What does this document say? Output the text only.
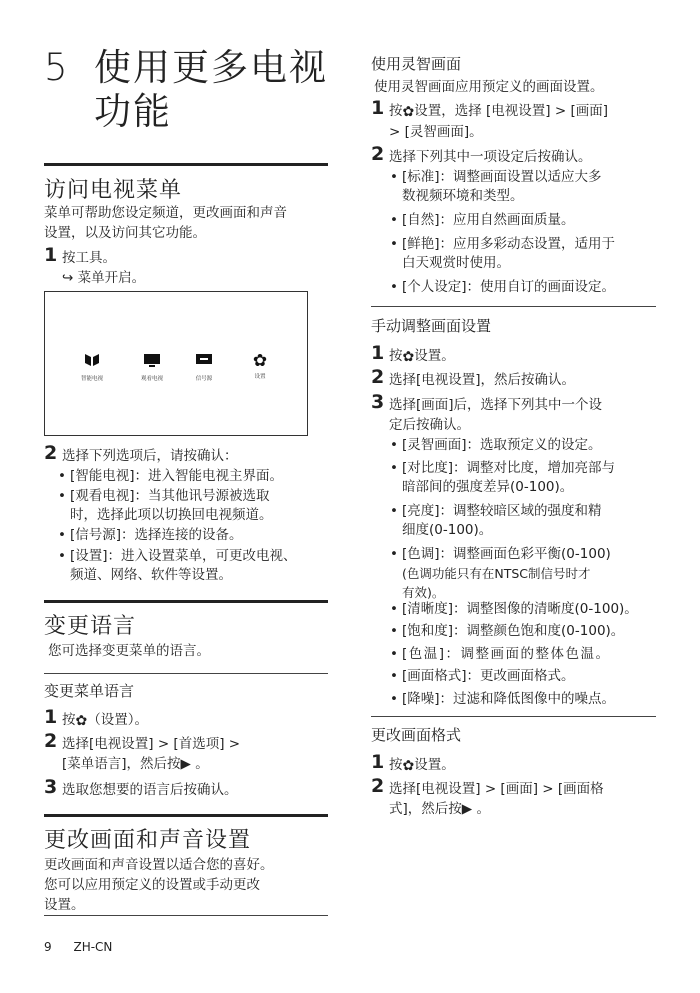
5 使用更多电视
功能
访问电视菜单
菜单可帮助您设定频道，更改画面和声音
设置，以及访问其它功能。
1 按工具。
↪ 菜单开启。
智能电视	观看电视	信号源
✿
设置
2 选择下列选项后，请按确认：
• [智能电视]：进入智能电视主界面。
• [观看电视]：当其他讯号源被选取
时，选择此项以切换回电视频道。
• [信号源]：选择连接的设备。
• [设置]：进入设置菜单，可更改电视、
频道、网络、软件等设置。
变更语言
您可选择变更菜单的语言。
变更菜单语言
1 按✿（设置）。
2 选择[电视设置] > [首选项] >
[菜单语言]，然后按▶ 。
3 选取您想要的语言后按确认。
更改画面和声音设置
更改画面和声音设置以适合您的喜好。
您可以应用预定义的设置或手动更改
设置。
使用灵智画面
使用灵智画面应用预定义的画面设置。
1 按✿设置，选择 [电视设置] > [画面]
> [灵智画面]。
2 选择下列其中一项设定后按确认。
• [标准]：调整画面设置以适应大多
数视频环境和类型。
• [自然]：应用自然画面质量。
• [鲜艳]：应用多彩动态设置，适用于
白天观赏时使用。
• [个人设定]：使用自订的画面设定。
手动调整画面设置
1 按✿设置。
2 选择[电视设置]，然后按确认。
3 选择[画面]后，选择下列其中一个设
定后按确认。
• [灵智画面]：选取预定义的设定。
• [对比度]：调整对比度，增加亮部与
暗部间的强度差异(0-100)。
• [亮度]：调整较暗区域的强度和精
细度(0-100)。
• [色调]：调整画面色彩平衡(0-100)
(色调功能只有在NTSC制信号时才
有效)。
• [清晰度]：调整图像的清晰度(0-100)。
• [饱和度]：调整颜色饱和度(0-100)。
• [色温]：调整画面的整体色温。
• [画面格式]：更改画面格式。
• [降噪]：过滤和降低图像中的噪点。
更改画面格式
1 按✿设置。
2 选择[电视设置] > [画面] > [画面格
式]，然后按▶ 。
9 ZH-CN
